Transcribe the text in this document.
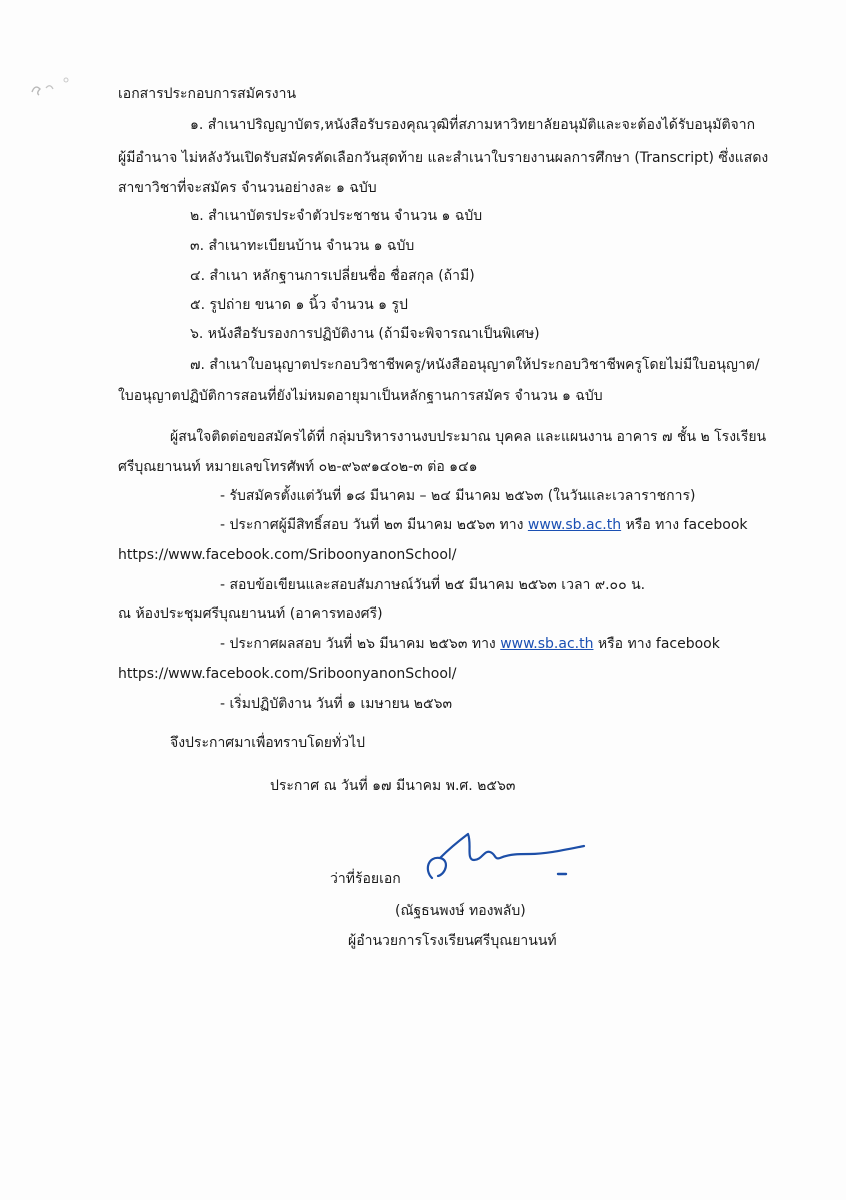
เอกสารประกอบการสมัครงาน
๑. สำเนาปริญญาบัตร,หนังสือรับรองคุณวุฒิที่สภามหาวิทยาลัยอนุมัติและจะต้องได้รับอนุมัติจาก
ผู้มีอำนาจ ไม่หลังวันเปิดรับสมัครคัดเลือกวันสุดท้าย และสำเนาใบรายงานผลการศึกษา (Transcript) ซึ่งแสดง
สาขาวิชาที่จะสมัคร จำนวนอย่างละ ๑ ฉบับ
๒. สำเนาบัตรประจำตัวประชาชน จำนวน ๑ ฉบับ
๓. สำเนาทะเบียนบ้าน จำนวน ๑ ฉบับ
๔. สำเนา หลักฐานการเปลี่ยนชื่อ ชื่อสกุล (ถ้ามี)
๕. รูปถ่าย ขนาด ๑ นิ้ว จำนวน ๑ รูป
๖. หนังสือรับรองการปฏิบัติงาน (ถ้ามีจะพิจารณาเป็นพิเศษ)
๗. สำเนาใบอนุญาตประกอบวิชาชีพครู/หนังสืออนุญาตให้ประกอบวิชาชีพครูโดยไม่มีใบอนุญาต/
ใบอนุญาตปฏิบัติการสอนที่ยังไม่หมดอายุมาเป็นหลักฐานการสมัคร จำนวน ๑ ฉบับ
ผู้สนใจติดต่อขอสมัครได้ที่ กลุ่มบริหารงานงบประมาณ บุคคล และแผนงาน อาคาร ๗ ชั้น ๒ โรงเรียน
ศรีบุณยานนท์ หมายเลขโทรศัพท์ ๐๒-๙๖๙๑๔๐๒-๓ ต่อ ๑๔๑
- รับสมัครตั้งแต่วันที่ ๑๘ มีนาคม – ๒๔ มีนาคม ๒๕๖๓ (ในวันและเวลาราชการ)
- ประกาศผู้มีสิทธิ์สอบ วันที่ ๒๓ มีนาคม ๒๕๖๓ ทาง www.sb.ac.th หรือ ทาง facebook
https://www.facebook.com/SriboonyanonSchool/
- สอบข้อเขียนและสอบสัมภาษณ์วันที่ ๒๕ มีนาคม ๒๕๖๓ เวลา ๙.๐๐ น.
ณ ห้องประชุมศรีบุณยานนท์ (อาคารทองศรี)
- ประกาศผลสอบ วันที่ ๒๖ มีนาคม ๒๕๖๓ ทาง www.sb.ac.th หรือ ทาง facebook
https://www.facebook.com/SriboonyanonSchool/
- เริ่มปฏิบัติงาน วันที่ ๑ เมษายน ๒๕๖๓
จึงประกาศมาเพื่อทราบโดยทั่วไป
ประกาศ ณ วันที่ ๑๗ มีนาคม พ.ศ. ๒๕๖๓
ว่าที่ร้อยเอก
(ณัฐธนพงษ์ ทองพลับ)
ผู้อำนวยการโรงเรียนศรีบุณยานนท์
